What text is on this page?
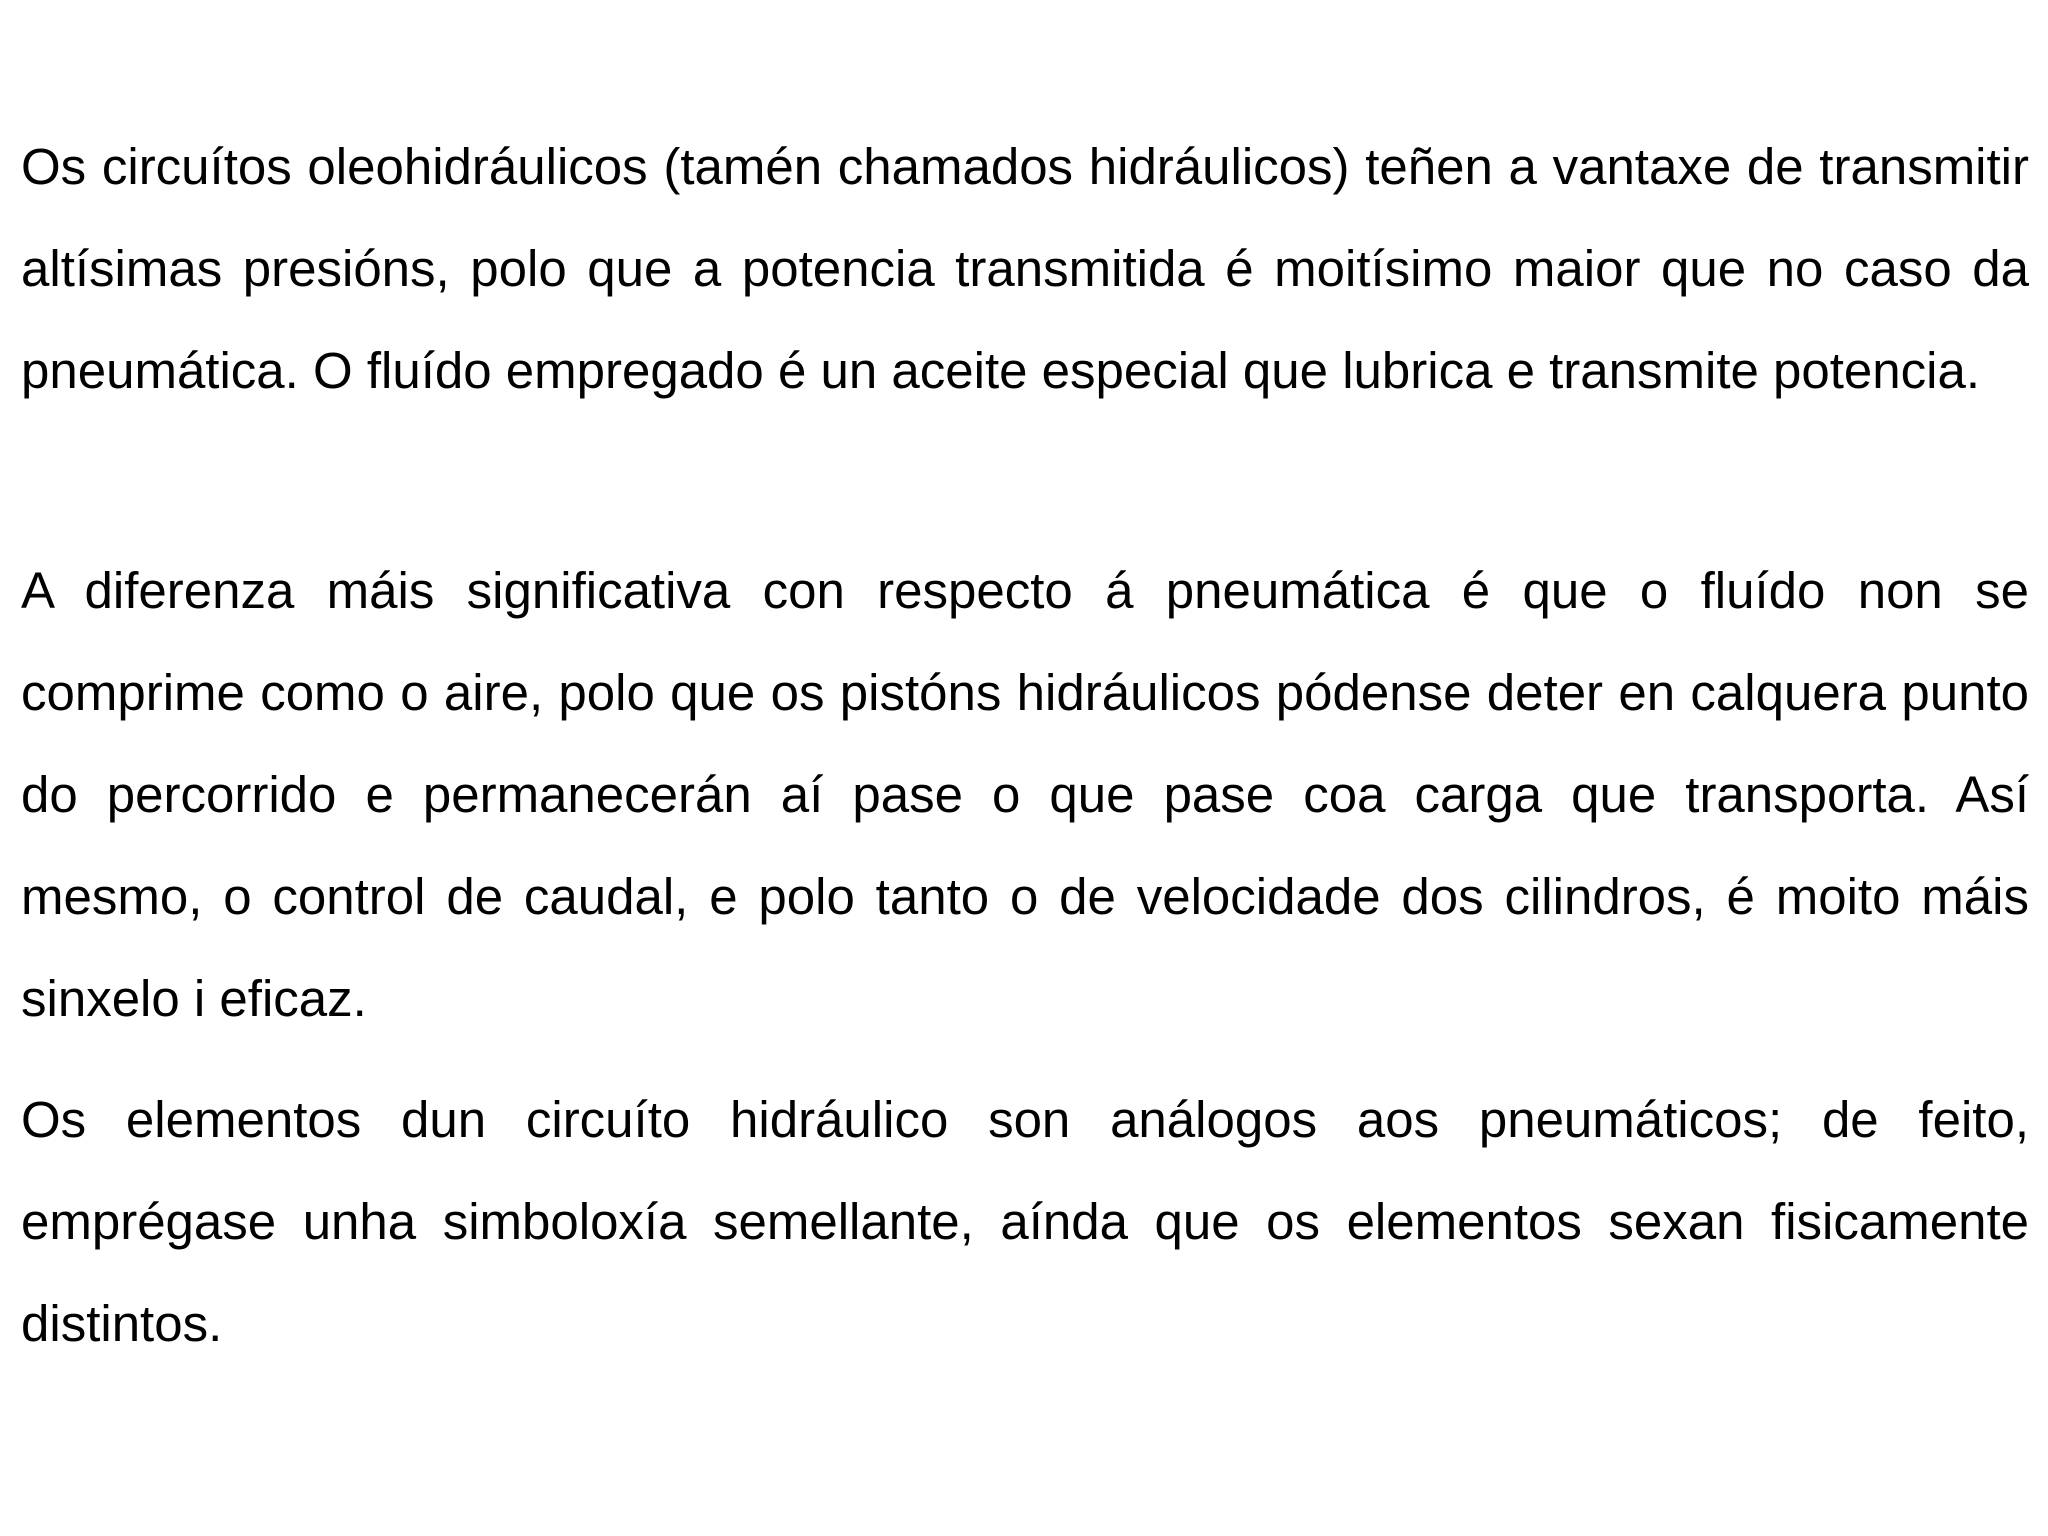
Os circuítos oleohidráulicos (tamén chamados hidráulicos) teñen a vantaxe de transmitir altísimas presións, polo que a potencia transmitida é moitísimo maior que no caso da pneumática. O fluído empregado é un aceite especial que lubrica e transmite potencia.

A diferenza máis significativa con respecto á pneumática é que o fluído non se comprime como o aire, polo que os pistóns hidráulicos pódense deter en calquera punto do percorrido e permanecerán aí pase o que pase coa carga que transporta. Así mesmo, o control de caudal, e polo tanto o de velocidade dos cilindros, é moito máis sinxelo i eficaz.

Os elementos dun circuíto hidráulico son análogos aos pneumáticos; de feito, emprégase unha simboloxía semellante, aínda que os elementos sexan fisicamente distintos.
